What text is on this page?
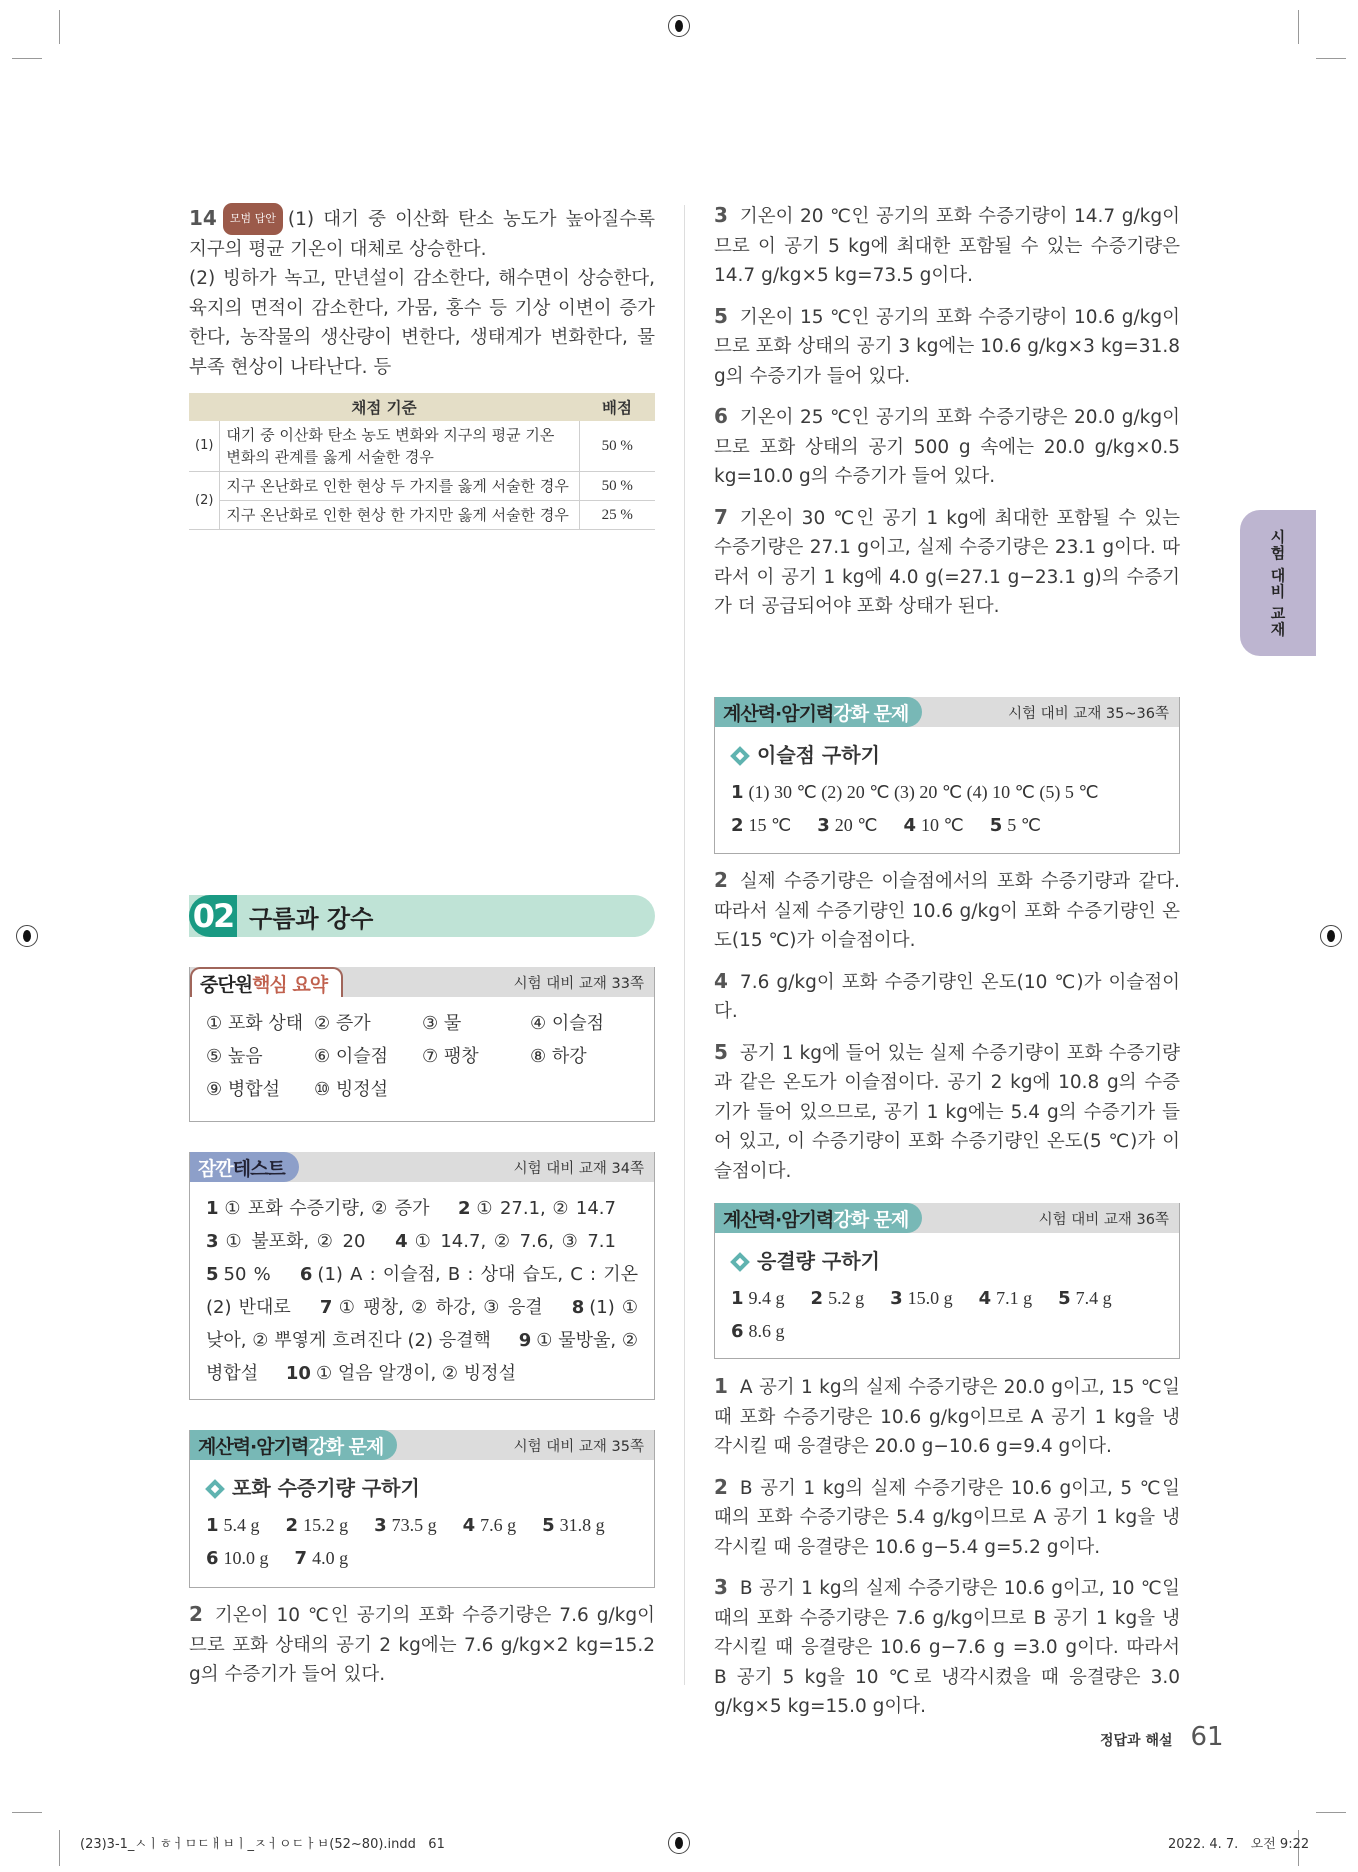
14 모범 답안 (1) 대기 중 이산화 탄소 농도가 높아질수록 지구의 평균 기온이 대체로 상승한다.
(2) 빙하가 녹고, 만년설이 감소한다, 해수면이 상승한다, 육지의 면적이 감소한다, 가뭄, 홍수 등 기상 이변이 증가한다, 농작물의 생산량이 변한다, 생태계가 변화한다, 물 부족 현상이 나타난다. 등
채점 기준		배점
(1)	대기 중 이산화 탄소 농도 변화와 지구의 평균 기온 변화의 관계를 옳게 서술한 경우	50 %
(2)	지구 온난화로 인한 현상 두 가지를 옳게 서술한 경우	50 %
	지구 온난화로 인한 현상 한 가지만 옳게 서술한 경우	25 %
02 구름과 강수
중단원 핵심 요약	시험 대비 교재 33쪽
① 포화 상태 ② 증가	③ 물	④ 이슬점
⑤ 높음	⑥ 이슬점	⑦ 팽창	⑧ 하강
⑨ 병합설	⑩ 빙정설
잠깐 테스트	시험 대비 교재 34쪽
1 ① 포화 수증기량, ② 증가 2 ① 27.1, ② 14.7 3 ① 불포화, ② 20 4 ① 14.7, ② 7.6, ③ 7.1 5 50 % 6 (1) A : 이슬점, B : 상대 습도, C : 기온 (2) 반대로 7 ① 팽창, ② 하강, ③ 응결 8 (1) ① 낮아, ② 뿌옇게 흐려진다 (2) 응결핵 9 ① 물방울, ② 병합설 10 ① 얼음 알갱이, ② 빙정설
계산력·암기력 강화 문제	시험 대비 교재 35쪽
포화 수증기량 구하기
1 5.4 g 2 15.2 g 3 73.5 g 4 7.6 g 5 31.8 g6 10.0 g 7 4.0 g
2 기온이 10 ℃인 공기의 포화 수증기량은 7.6 g/kg이므로 포화 상태의 공기 2 kg에는 7.6 g/kg×2 kg=15.2 g의 수증기가 들어 있다.
3 기온이 20 ℃인 공기의 포화 수증기량이 14.7 g/kg이므로 이 공기 5 kg에 최대한 포함될 수 있는 수증기량은 14.7 g/kg×5 kg=73.5 g이다.
5 기온이 15 ℃인 공기의 포화 수증기량이 10.6 g/kg이므로 포화 상태의 공기 3 kg에는 10.6 g/kg×3 kg=31.8 g의 수증기가 들어 있다.
6 기온이 25 ℃인 공기의 포화 수증기량은 20.0 g/kg이므로 포화 상태의 공기 500 g 속에는 20.0 g/kg×0.5 kg=10.0 g의 수증기가 들어 있다.
7 기온이 30 ℃인 공기 1 kg에 최대한 포함될 수 있는 수증기량은 27.1 g이고, 실제 수증기량은 23.1 g이다. 따라서 이 공기 1 kg에 4.0 g(=27.1 g−23.1 g)의 수증기가 더 공급되어야 포화 상태가 된다.
계산력·암기력 강화 문제	시험 대비 교재 35~36쪽
이슬점 구하기
1 (1) 30 ℃ (2) 20 ℃ (3) 20 ℃ (4) 10 ℃ (5) 5 ℃2 15 ℃ 3 20 ℃ 4 10 ℃ 5 5 ℃
2 실제 수증기량은 이슬점에서의 포화 수증기량과 같다. 따라서 실제 수증기량인 10.6 g/kg이 포화 수증기량인 온도(15 ℃)가 이슬점이다.
4 7.6 g/kg이 포화 수증기량인 온도(10 ℃)가 이슬점이다.
5 공기 1 kg에 들어 있는 실제 수증기량이 포화 수증기량과 같은 온도가 이슬점이다. 공기 2 kg에 10.8 g의 수증기가 들어 있으므로, 공기 1 kg에는 5.4 g의 수증기가 들어 있고, 이 수증기량이 포화 수증기량인 온도(5 ℃)가 이슬점이다.
계산력·암기력 강화 문제	시험 대비 교재 36쪽
응결량 구하기
1 9.4 g 2 5.2 g 3 15.0 g 4 7.1 g 5 7.4 g6 8.6 g
1 A 공기 1 kg의 실제 수증기량은 20.0 g이고, 15 ℃일 때 포화 수증기량은 10.6 g/kg이므로 A 공기 1 kg을 냉각시킬 때 응결량은 20.0 g−10.6 g=9.4 g이다.
2 B 공기 1 kg의 실제 수증기량은 10.6 g이고, 5 ℃일 때의 포화 수증기량은 5.4 g/kg이므로 A 공기 1 kg을 냉각시킬 때 응결량은 10.6 g−5.4 g=5.2 g이다.
3 B 공기 1 kg의 실제 수증기량은 10.6 g이고, 10 ℃일 때의 포화 수증기량은 7.6 g/kg이므로 B 공기 1 kg을 냉각시킬 때 응결량은 10.6 g−7.6 g =3.0 g이다. 따라서 B 공기 5 kg을 10 ℃로 냉각시켰을 때 응결량은 3.0 g/kg×5 kg=15.0 g이다.
시험 대비 교재
정답과 해설 61
(23)3-1_ㅅㅣㅎㅓㅁㄷㅐㅂㅣ_ㅈㅓㅇㄷㅏㅂ(52~80).indd   61	2022. 4. 7.   오전 9:22
